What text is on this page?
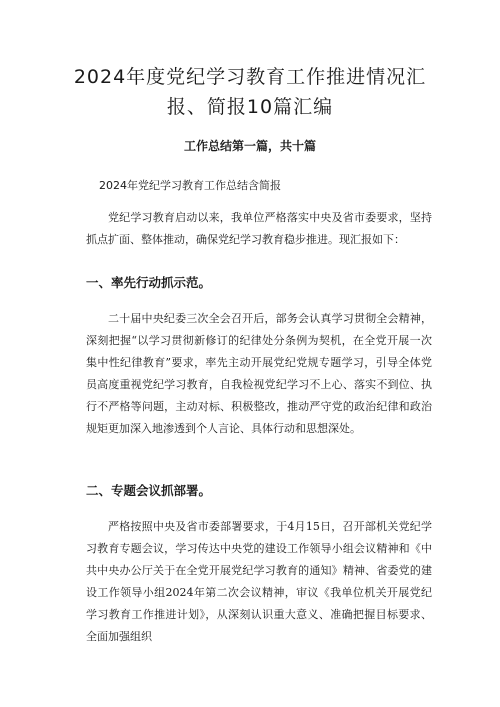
2024年度党纪学习教育工作推进情况汇报、简报10篇汇编

工作总结第一篇，共十篇

2024年党纪学习教育工作总结含简报

党纪学习教育启动以来，我单位严格落实中央及省市委要求，坚持抓点扩面、整体推动，确保党纪学习教育稳步推进。现汇报如下：

一、率先行动抓示范。

二十届中央纪委三次全会召开后，部务会认真学习贯彻全会精神，深刻把握“以学习贯彻新修订的纪律处分条例为契机，在全党开展一次集中性纪律教育”要求，率先主动开展党纪党规专题学习，引导全体党员高度重视党纪学习教育，自我检视党纪学习不上心、落实不到位、执行不严格等问题，主动对标、积极整改，推动严守党的政治纪律和政治规矩更加深入地渗透到个人言论、具体行动和思想深处。

二、专题会议抓部署。

严格按照中央及省市委部署要求，于4月15日，召开部机关党纪学习教育专题会议，学习传达中央党的建设工作领导小组会议精神和《中共中央办公厅关于在全党开展党纪学习教育的通知》精神、省委党的建设工作领导小组2024年第二次会议精神，审议《我单位机关开展党纪学习教育工作推进计划》，从深刻认识重大意义、准确把握目标要求、全面加强组织
